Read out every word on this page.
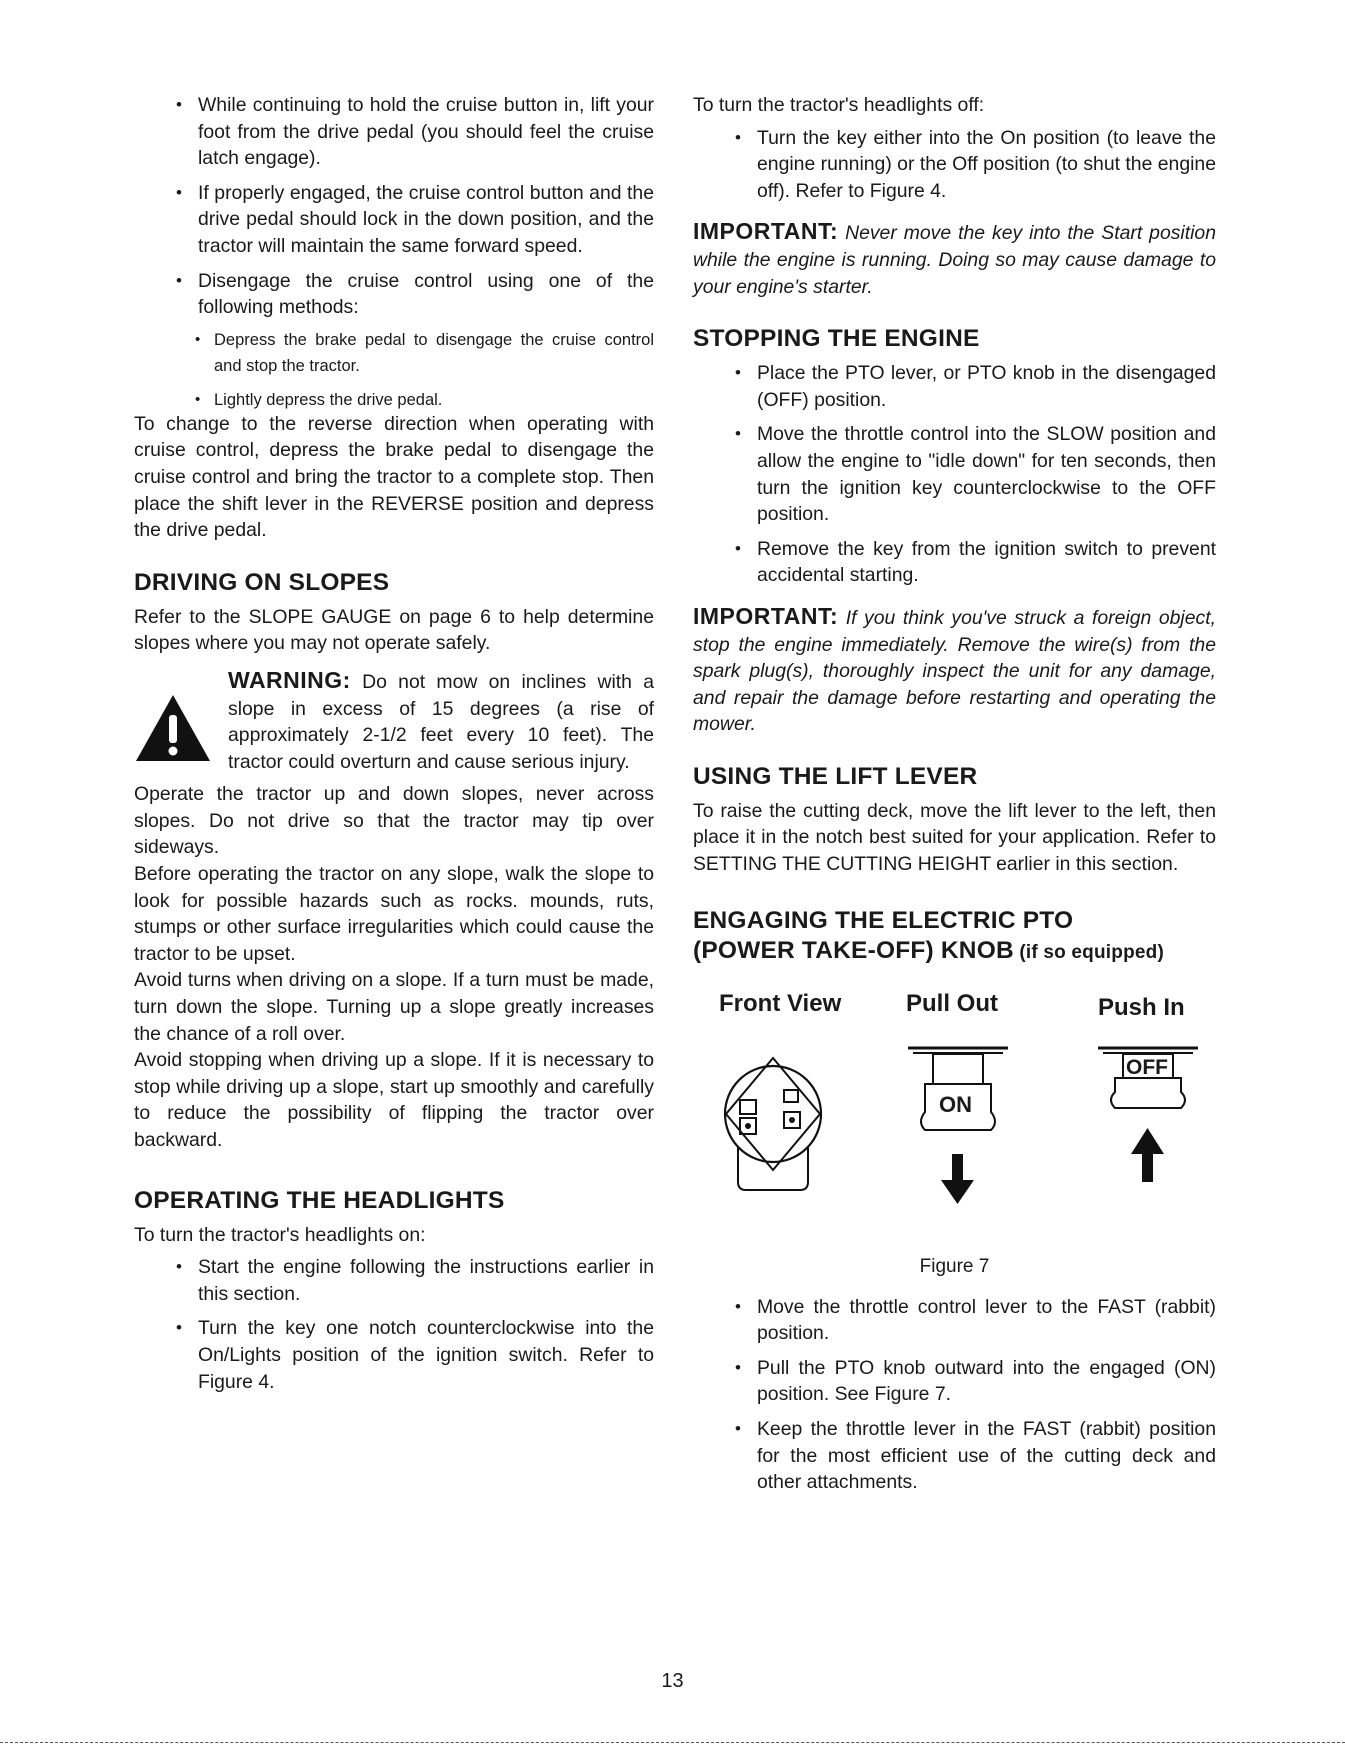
• While continuing to hold the cruise button in, lift your foot from the drive pedal (you should feel the cruise latch engage).
• If properly engaged, the cruise control button and the drive pedal should lock in the down position, and the tractor will maintain the same forward speed.
• Disengage the cruise control using one of the following methods:
• Depress the brake pedal to disengage the cruise control and stop the tractor.
• Lightly depress the drive pedal.

To change to the reverse direction when operating with cruise control, depress the brake pedal to disengage the cruise control and bring the tractor to a complete stop. Then place the shift lever in the REVERSE position and depress the drive pedal.

DRIVING ON SLOPES

Refer to the SLOPE GAUGE on page 6 to help determine slopes where you may not operate safely.

WARNING: Do not mow on inclines with a slope in excess of 15 degrees (a rise of approximately 2-1/2 feet every 10 feet). The tractor could overturn and cause serious injury.

Operate the tractor up and down slopes, never across slopes. Do not drive so that the tractor may tip over sideways.

Before operating the tractor on any slope, walk the slope to look for possible hazards such as rocks. mounds, ruts, stumps or other surface irregularities which could cause the tractor to be upset.

Avoid turns when driving on a slope. If a turn must be made, turn down the slope. Turning up a slope greatly increases the chance of a roll over.

Avoid stopping when driving up a slope. If it is necessary to stop while driving up a slope, start up smoothly and carefully to reduce the possibility of flipping the tractor over backward.

OPERATING THE HEADLIGHTS

To turn the tractor's headlights on:

• Start the engine following the instructions earlier in this section.
• Turn the key one notch counterclockwise into the On/Lights position of the ignition switch. Refer to Figure 4.

To turn the tractor's headlights off:

• Turn the key either into the On position (to leave the engine running) or the Off position (to shut the engine off). Refer to Figure 4.

IMPORTANT: Never move the key into the Start position while the engine is running. Doing so may cause damage to your engine's starter.

STOPPING THE ENGINE
• Place the PTO lever, or PTO knob in the disengaged (OFF) position.
• Move the throttle control into the SLOW position and allow the engine to "idle down" for ten seconds, then turn the ignition key counterclockwise to the OFF position.
• Remove the key from the ignition switch to prevent accidental starting.

IMPORTANT: If you think you've struck a foreign object, stop the engine immediately. Remove the wire(s) from the spark plug(s), thoroughly inspect the unit for any damage, and repair the damage before restarting and operating the mower.

USING THE LIFT LEVER

To raise the cutting deck, move the lift lever to the left, then place it in the notch best suited for your application. Refer to SETTING THE CUTTING HEIGHT earlier in this section.

ENGAGING THE ELECTRIC PTO
(POWER TAKE-OFF) KNOB (if so equipped)
Front View	Pull Out	Push In
ON
OFF
Figure 7
• Move the throttle control lever to the FAST (rabbit) position.
• Pull the PTO knob outward into the engaged (ON) position. See Figure 7.
• Keep the throttle lever in the FAST (rabbit) position for the most efficient use of the cutting deck and other attachments.
13
